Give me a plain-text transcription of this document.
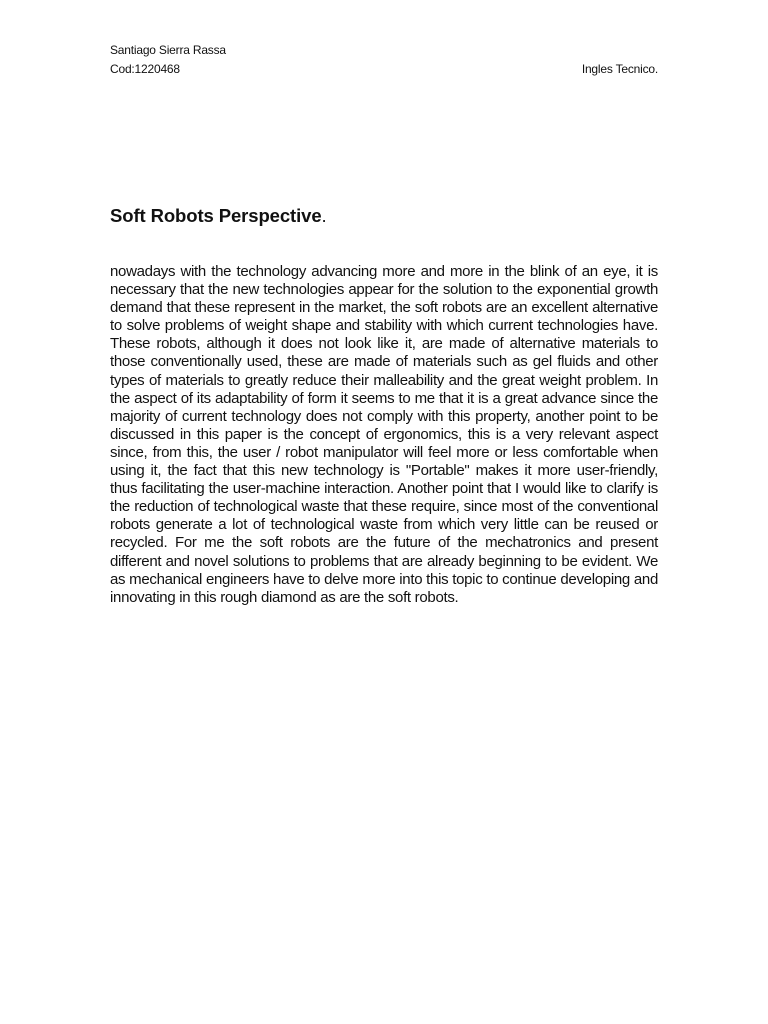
Santiago Sierra Rassa
Cod:1220468	Ingles Tecnico.
Soft Robots Perspective.

nowadays with the technology advancing more and more in the blink of an eye, it is necessary that the new technologies appear for the solution to the exponential growth demand that these represent in the market, the soft robots are an excellent alternative to solve problems of weight shape and stability with which current technologies have. These robots, although it does not look like it, are made of alternative materials to those conventionally used, these are made of materials such as gel fluids and other types of materials to greatly reduce their malleability and the great weight problem. In the aspect of its adaptability of form it seems to me that it is a great advance since the majority of current technology does not comply with this property, another point to be discussed in this paper is the concept of ergonomics, this is a very relevant aspect since, from this, the user / robot manipulator will feel more or less comfortable when using it, the fact that this new technology is "Portable" makes it more user-friendly, thus facilitating the user-machine interaction. Another point that I would like to clarify is the reduction of technological waste that these require, since most of the conventional robots generate a lot of technological waste from which very little can be reused or recycled. For me the soft robots are the future of the mechatronics and present different and novel solutions to problems that are already beginning to be evident. We as mechanical engineers have to delve more into this topic to continue developing and innovating in this rough diamond as are the soft robots.
